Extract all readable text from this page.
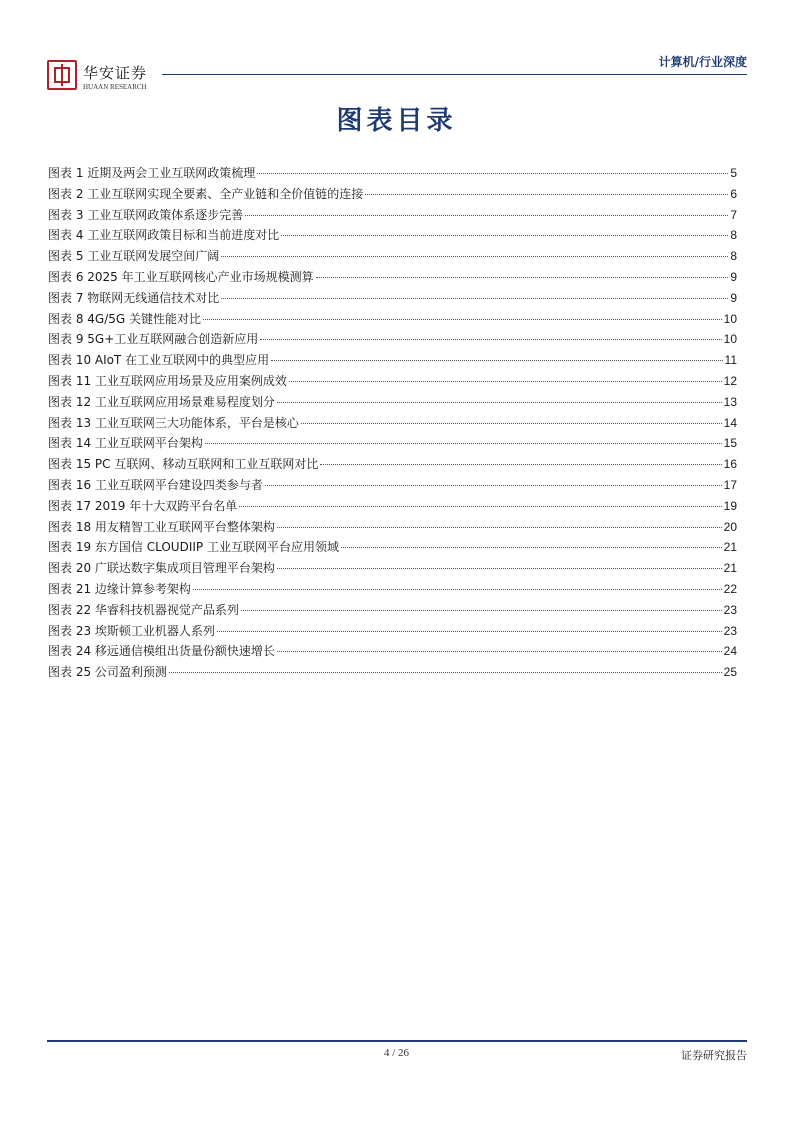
华安证券
HUAAN RESEARCH
计算机/行业深度
图表目录
图表 1 近期及两会工业互联网政策梳理	5
图表 2 工业互联网实现全要素、全产业链和全价值链的连接	6
图表 3 工业互联网政策体系逐步完善	7
图表 4 工业互联网政策目标和当前进度对比	8
图表 5 工业互联网发展空间广阔	8
图表 6 2025 年工业互联网核心产业市场规模测算	9
图表 7 物联网无线通信技术对比	9
图表 8 4G/5G 关键性能对比	10
图表 9 5G+工业互联网融合创造新应用	10
图表 10 AIoT 在工业互联网中的典型应用	11
图表 11 工业互联网应用场景及应用案例成效	12
图表 12 工业互联网应用场景难易程度划分	13
图表 13 工业互联网三大功能体系，平台是核心	14
图表 14 工业互联网平台架构	15
图表 15 PC 互联网、移动互联网和工业互联网对比	16
图表 16 工业互联网平台建设四类参与者	17
图表 17 2019 年十大双跨平台名单	19
图表 18 用友精智工业互联网平台整体架构	20
图表 19 东方国信 CLOUDIIP 工业互联网平台应用领域	21
图表 20 广联达数字集成项目管理平台架构	21
图表 21 边缘计算参考架构	22
图表 22 华睿科技机器视觉产品系列	23
图表 23 埃斯顿工业机器人系列	23
图表 24 移远通信模组出货量份额快速增长	24
图表 25 公司盈利预测	25
4 / 26	证券研究报告
